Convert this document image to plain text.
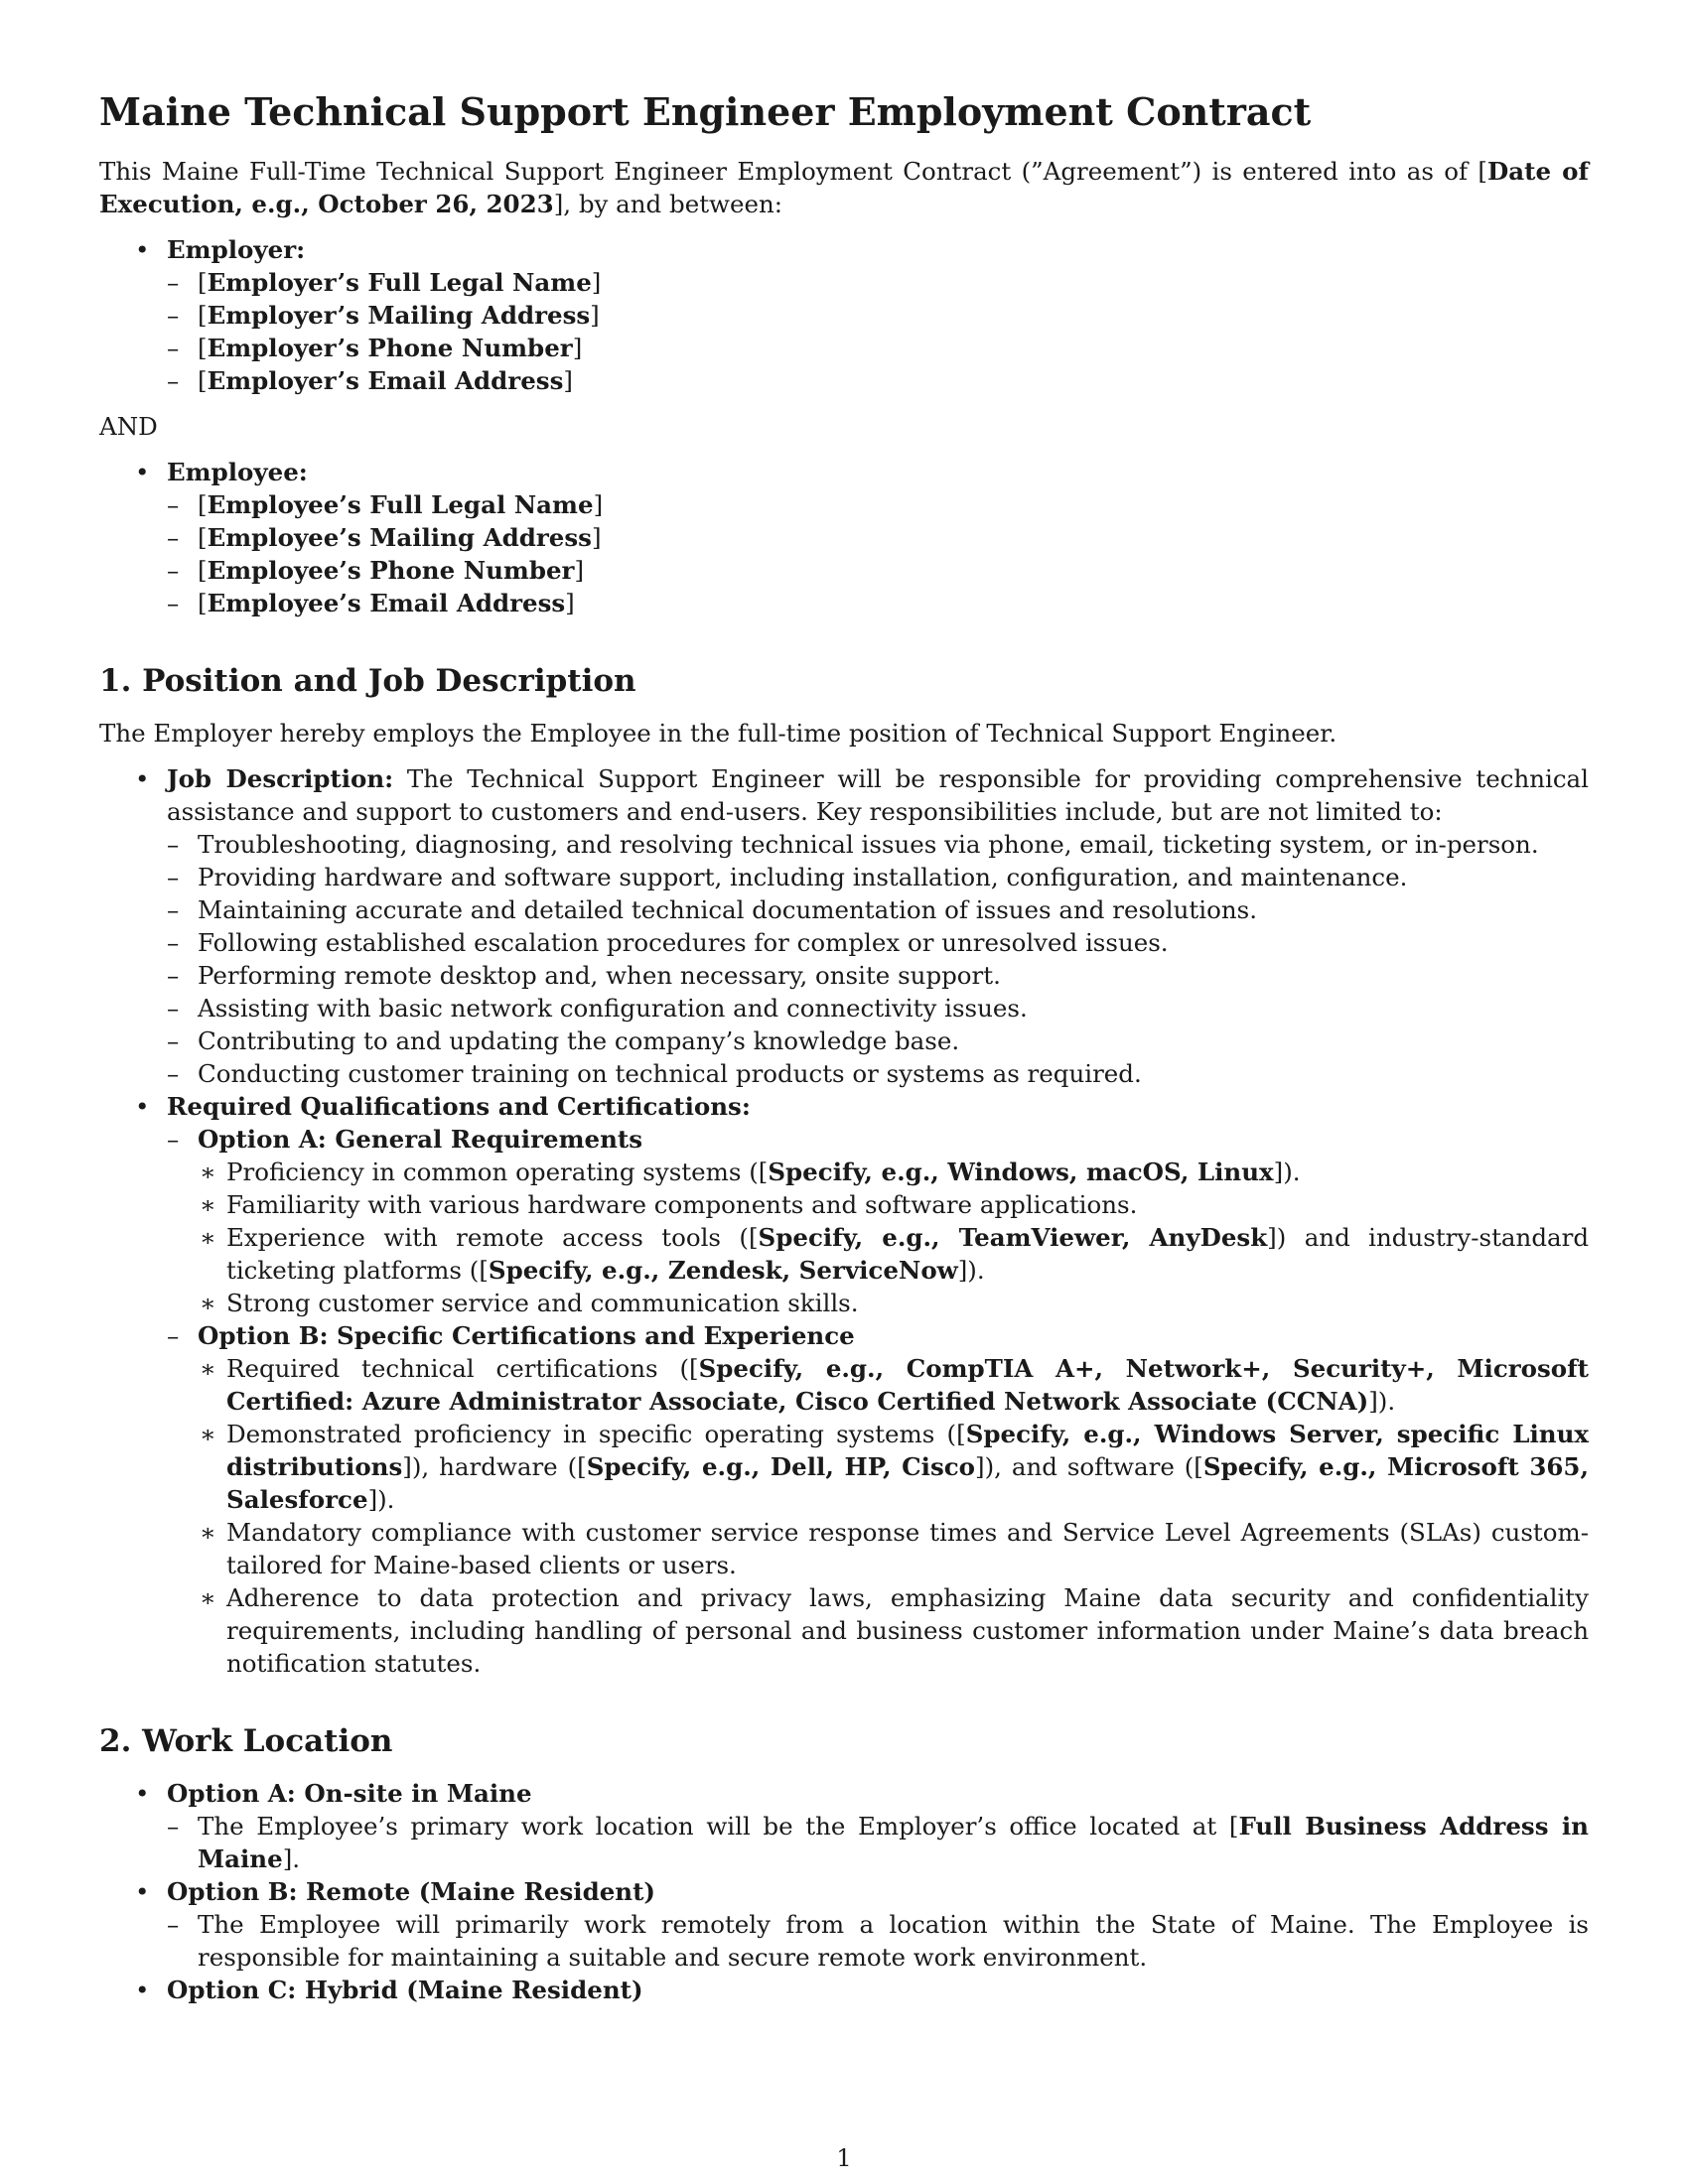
Maine Technical Support Engineer Employment Contract

This Maine Full-Time Technical Support Engineer Employment Contract (”Agreement”) is entered into as of [Date of Execution, e.g., October 26, 2023], by and between:

• Employer:
– [Employer’s Full Legal Name]
– [Employer’s Mailing Address]
– [Employer’s Phone Number]
– [Employer’s Email Address]

AND

• Employee:
– [Employee’s Full Legal Name]
– [Employee’s Mailing Address]
– [Employee’s Phone Number]
– [Employee’s Email Address]
1. Position and Job Description

The Employer hereby employs the Employee in the full-time position of Technical Support Engineer.

• Job Description: The Technical Support Engineer will be responsible for providing comprehensive technical assistance and support to customers and end-users. Key responsibilities include, but are not limited to:
– Troubleshooting, diagnosing, and resolving technical issues via phone, email, ticketing system, or in-person.
– Providing hardware and software support, including installation, configuration, and maintenance.
– Maintaining accurate and detailed technical documentation of issues and resolutions.
– Following established escalation procedures for complex or unresolved issues.
– Performing remote desktop and, when necessary, onsite support.
– Assisting with basic network configuration and connectivity issues.
– Contributing to and updating the company’s knowledge base.
– Conducting customer training on technical products or systems as required.
• Required Qualifications and Certifications:
– Option A: General Requirements
∗ Proficiency in common operating systems ([Specify, e.g., Windows, macOS, Linux]).
∗ Familiarity with various hardware components and software applications.
∗ Experience with remote access tools ([Specify, e.g., TeamViewer, AnyDesk]) and industry-standard ticketing platforms ([Specify, e.g., Zendesk, ServiceNow]).
∗ Strong customer service and communication skills.
– Option B: Specific Certifications and Experience
∗ Required technical certifications ([Specify, e.g., CompTIA A+, Network+, Security+, Microsoft Certified: Azure Administrator Associate, Cisco Certified Network Associate (CCNA)]).
∗ Demonstrated proficiency in specific operating systems ([Specify, e.g., Windows Server, specific Linux distributions]), hardware ([Specify, e.g., Dell, HP, Cisco]), and software ([Specify, e.g., Microsoft 365, Salesforce]).
∗ Mandatory compliance with customer service response times and Service Level Agreements (SLAs) custom-tailored for Maine-based clients or users.
∗ Adherence to data protection and privacy laws, emphasizing Maine data security and confidentiality requirements, including handling of personal and business customer information under Maine’s data breach notification statutes.
2. Work Location
• Option A: On-site in Maine
– The Employee’s primary work location will be the Employer’s office located at [Full Business Address in Maine].
• Option B: Remote (Maine Resident)
– The Employee will primarily work remotely from a location within the State of Maine. The Employee is responsible for maintaining a suitable and secure remote work environment.
• Option C: Hybrid (Maine Resident)
1
